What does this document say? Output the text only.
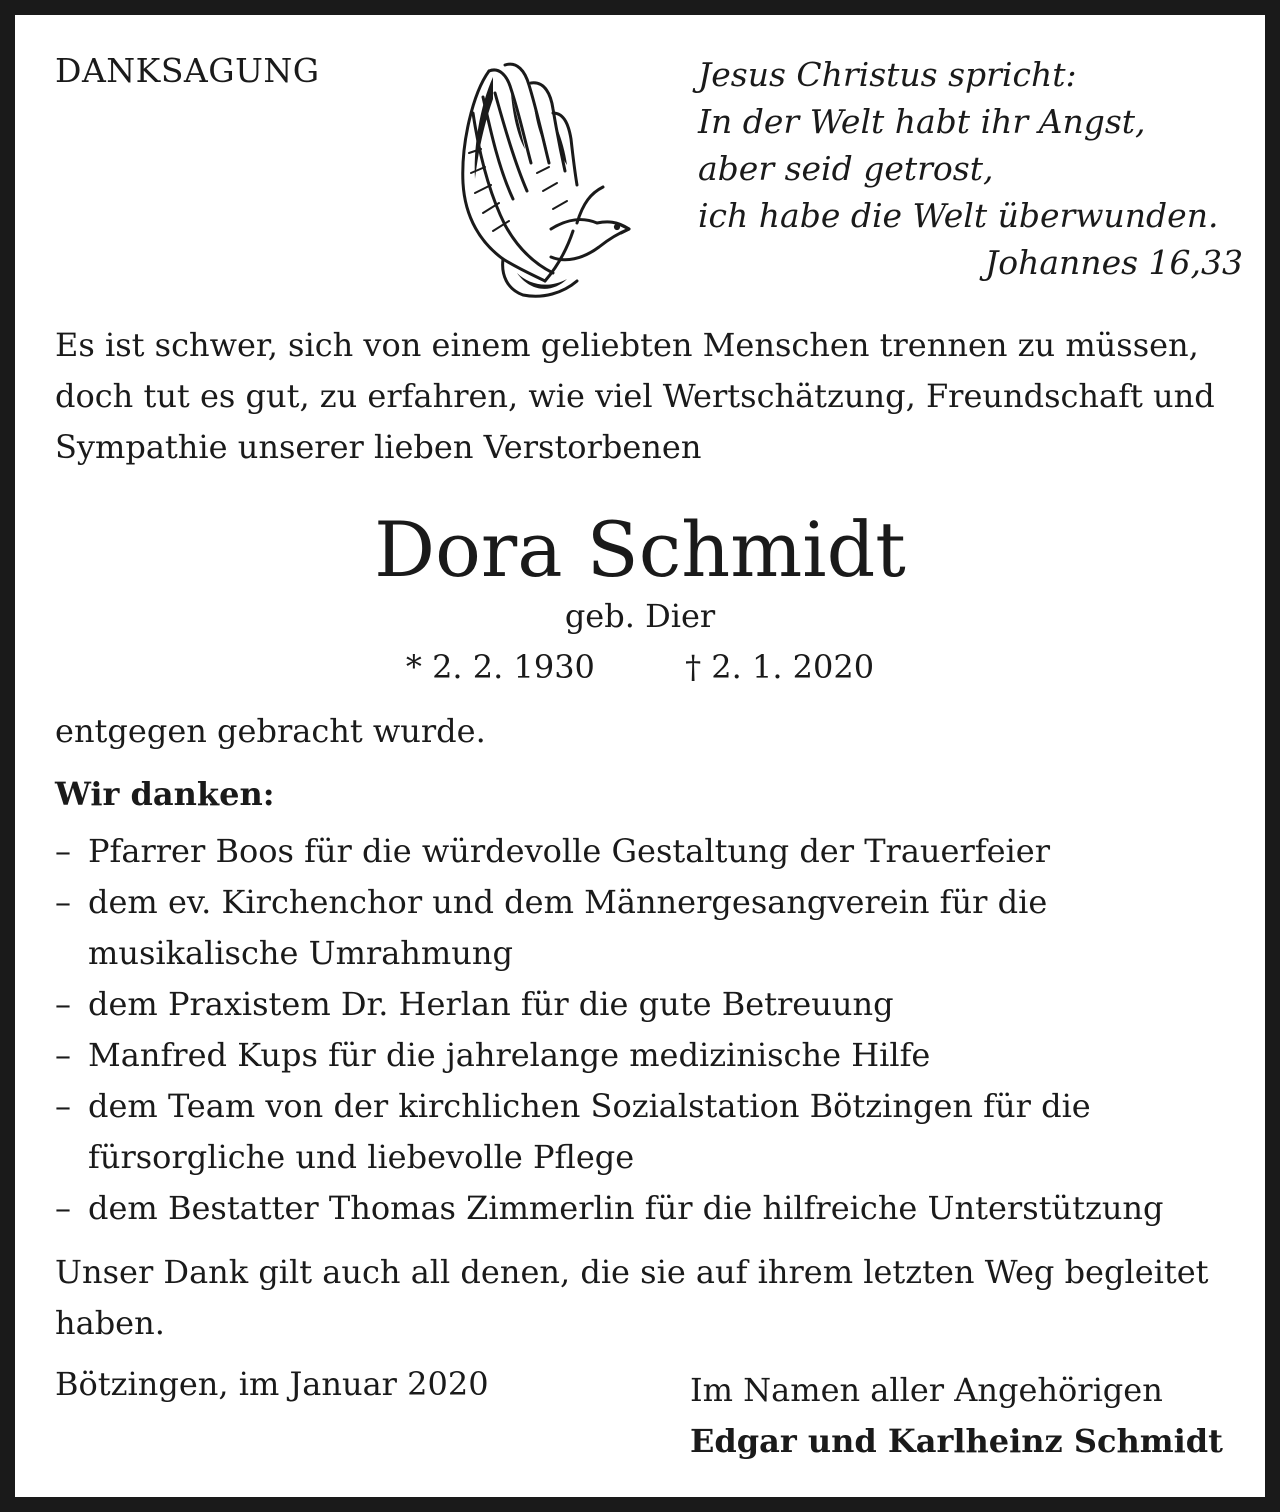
DANKSAGUNG	Jesus Christus spricht:
In der Welt habt ihr Angst,
aber seid getrost,
ich habe die Welt überwunden.
Johannes 16,33
Es ist schwer, sich von einem geliebten Menschen trennen zu müssen,
doch tut es gut, zu erfahren, wie viel Wertschätzung, Freundschaft und
Sympathie unserer lieben Verstorbenen
Dora Schmidt
geb. Dier
* 2. 2. 1930	† 2. 1. 2020
entgegen gebracht wurde.
Wir danken:
– Pfarrer Boos für die würdevolle Gestaltung der Trauerfeier
– dem ev. Kirchenchor und dem Männergesangverein für die
musikalische Umrahmung
– dem Praxistem Dr. Herlan für die gute Betreuung
– Manfred Kups für die jahrelange medizinische Hilfe
– dem Team von der kirchlichen Sozialstation Bötzingen für die
fürsorgliche und liebevolle Pflege
– dem Bestatter Thomas Zimmerlin für die hilfreiche Unterstützung
Unser Dank gilt auch all denen, die sie auf ihrem letzten Weg begleitet
haben.
Bötzingen, im Januar 2020	Im Namen aller Angehörigen
Edgar und Karlheinz Schmidt
